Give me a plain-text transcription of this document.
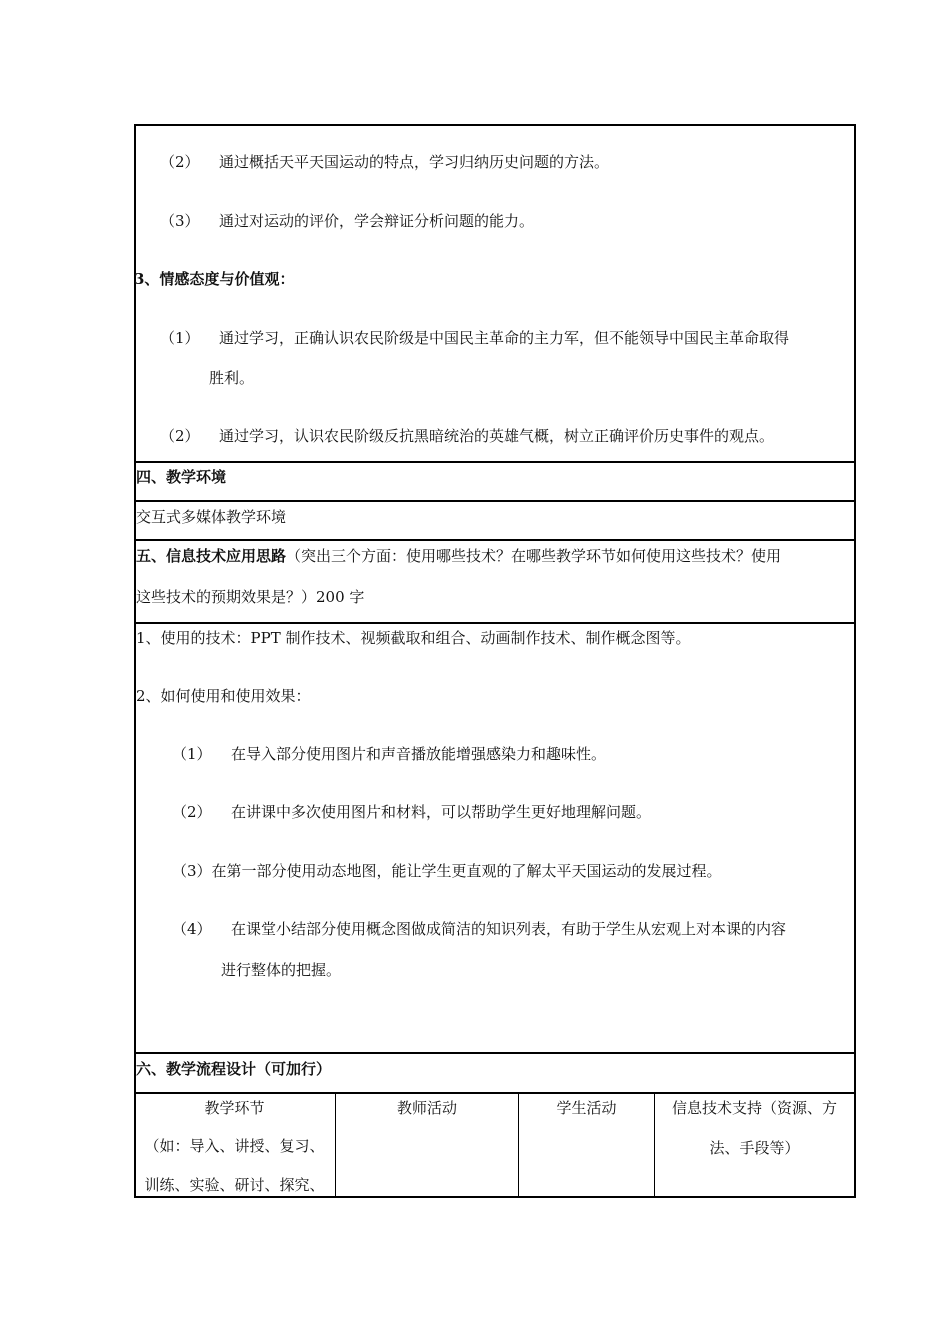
（2） 通过概括天平天国运动的特点，学习归纳历史问题的方法。
（3） 通过对运动的评价，学会辩证分析问题的能力。
3、情感态度与价值观：
（1） 通过学习，正确认识农民阶级是中国民主革命的主力军，但不能领导中国民主革命取得
胜利。
（2） 通过学习，认识农民阶级反抗黑暗统治的英雄气概，树立正确评价历史事件的观点。
四、教学环境
交互式多媒体教学环境
五、信息技术应用思路（突出三个方面：使用哪些技术？在哪些教学环节如何使用这些技术？使用
这些技术的预期效果是？）200 字
1、使用的技术：PPT 制作技术、视频截取和组合、动画制作技术、制作概念图等。
2、如何使用和使用效果：
（1） 在导入部分使用图片和声音播放能增强感染力和趣味性。
（2） 在讲课中多次使用图片和材料，可以帮助学生更好地理解问题。
（3）在第一部分使用动态地图，能让学生更直观的了解太平天国运动的发展过程。
（4） 在课堂小结部分使用概念图做成简洁的知识列表，有助于学生从宏观上对本课的内容
进行整体的把握。
六、教学流程设计（可加行）
教学环节
（如：导入、讲授、复习、
训练、实验、研讨、探究、
教师活动	学生活动	信息技术支持（资源、方
法、手段等）
